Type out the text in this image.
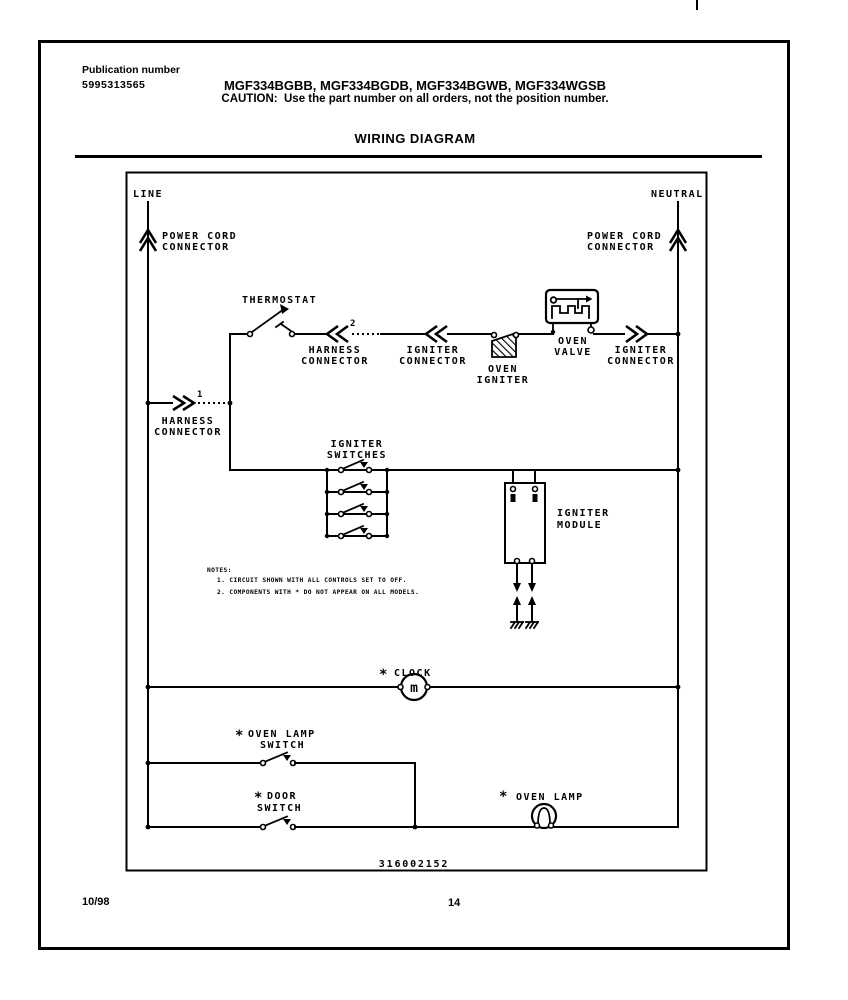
Publication number
5995313565	MGF334BGBB, MGF334BGDB, MGF334BGWB, MGF334WGSB
CAUTION:  Use the part number on all orders, not the position number.
WIRING DIAGRAM
LINE
POWER CORD
CONNECTOR
NEUTRAL
POWER CORD
CONNECTOR
1
HARNESS
CONNECTOR
THERMOSTAT
2
HARNESS
CONNECTOR
IGNITER
CONNECTOR
OVEN
IGNITER
OVEN
VALVE IGNITER
CONNECTOR
IGNITER
SWITCHES
IGNITER
MODULE
NOTES:
1. CIRCUIT SHOWN WITH ALL CONTROLS SET TO OFF.
2. COMPONENTS WITH * DO NOT APPEAR ON ALL MODELS.
m
* CLOCK
* OVEN LAMP
SWITCH
* DOOR
SWITCH
* OVEN LAMP
316002152
10/98	14
